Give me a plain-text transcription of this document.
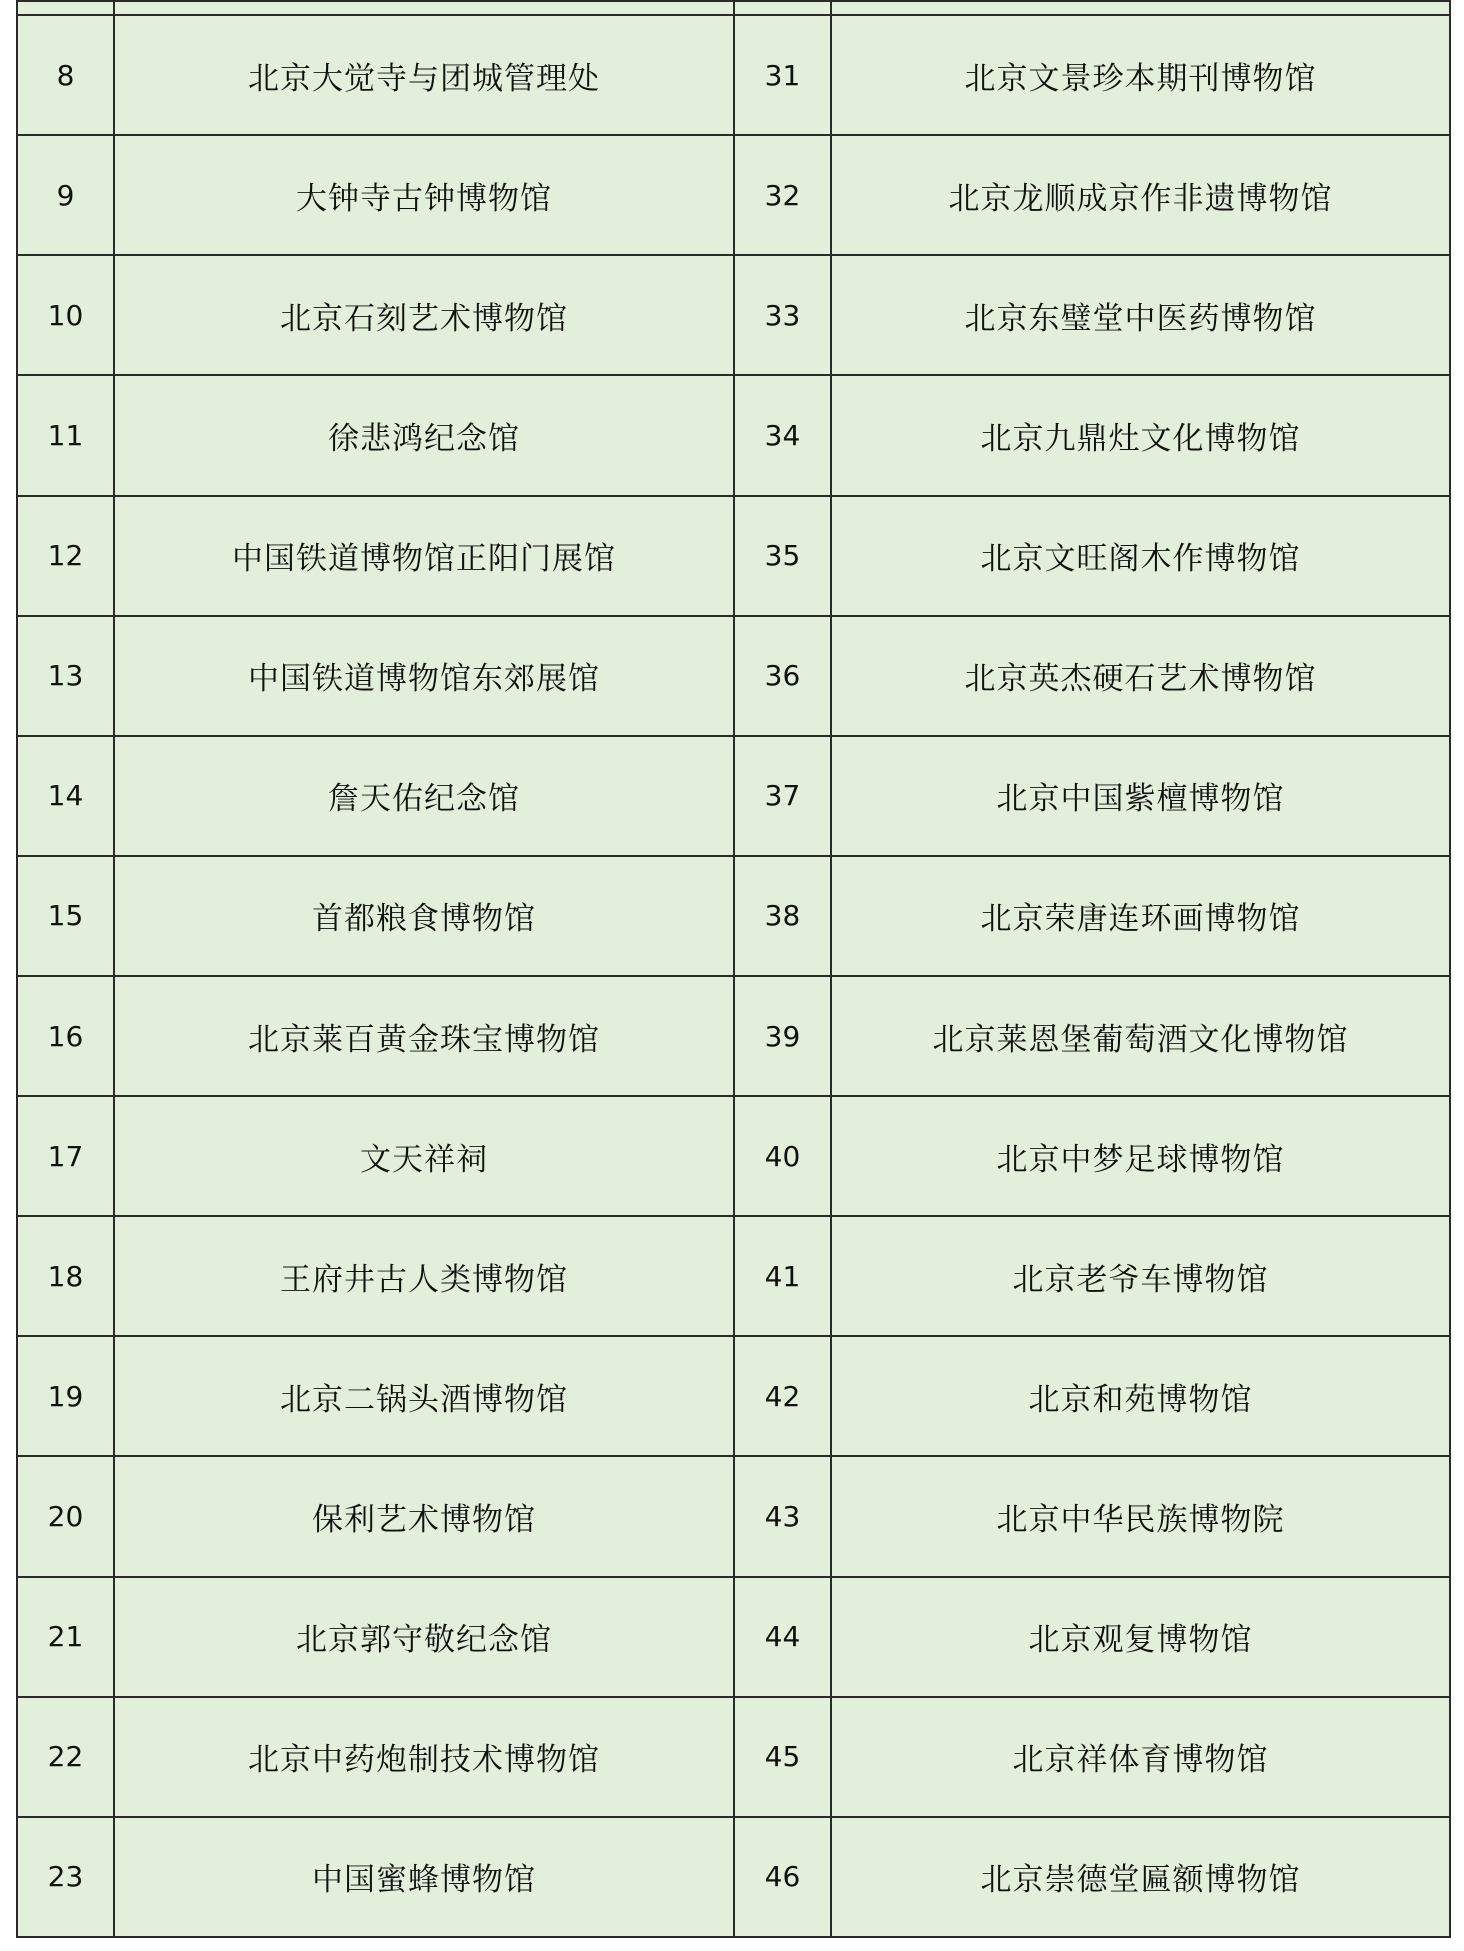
8	北京大觉寺与团城管理处	31	北京文景珍本期刊博物馆
9	大钟寺古钟博物馆	32	北京龙顺成京作非遗博物馆
10	北京石刻艺术博物馆	33	北京东璧堂中医药博物馆
11	徐悲鸿纪念馆	34	北京九鼎灶文化博物馆
12	中国铁道博物馆正阳门展馆	35	北京文旺阁木作博物馆
13	中国铁道博物馆东郊展馆	36	北京英杰硬石艺术博物馆
14	詹天佑纪念馆	37	北京中国紫檀博物馆
15	首都粮食博物馆	38	北京荣唐连环画博物馆
16	北京莱百黄金珠宝博物馆	39	北京莱恩堡葡萄酒文化博物馆
17	文天祥祠	40	北京中梦足球博物馆
18	王府井古人类博物馆	41	北京老爷车博物馆
19	北京二锅头酒博物馆	42	北京和苑博物馆
20	保利艺术博物馆	43	北京中华民族博物院
21	北京郭守敬纪念馆	44	北京观复博物馆
22	北京中药炮制技术博物馆	45	北京祥体育博物馆
23	中国蜜蜂博物馆	46	北京崇德堂匾额博物馆
